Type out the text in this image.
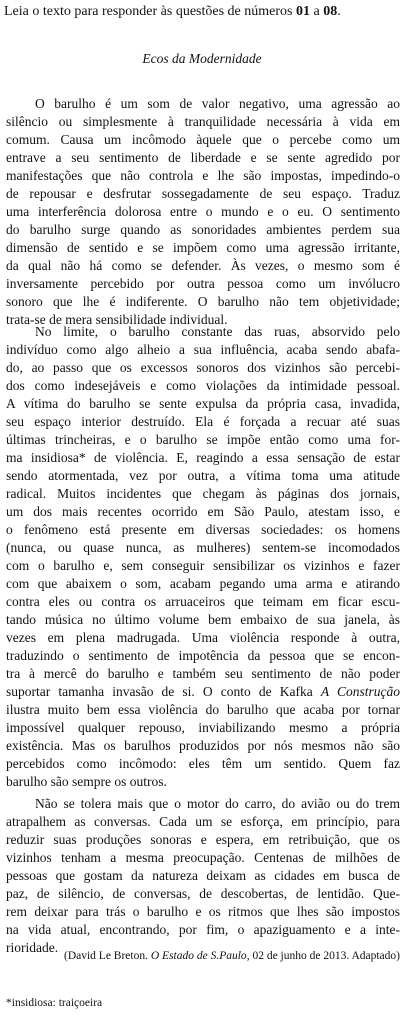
Leia o texto para responder às questões de números 01 a 08.
Ecos da Modernidade
O barulho é um som de valor negativo, uma agressão ao
silêncio ou simplesmente à tranquilidade necessária à vida em
comum. Causa um incômodo àquele que o percebe como um
entrave a seu sentimento de liberdade e se sente agredido por
manifestações que não controla e lhe são impostas, impedindo-o
de repousar e desfrutar sossegadamente de seu espaço. Traduz
uma interferência dolorosa entre o mundo e o eu. O sentimento
do barulho surge quando as sonoridades ambientes perdem sua
dimensão de sentido e se impõem como uma agressão irritante,
da qual não há como se defender. Às vezes, o mesmo som é
inversamente percebido por outra pessoa como um invólucro
sonoro que lhe é indiferente. O barulho não tem objetividade;
trata-se de mera sensibilidade individual.
No limite, o barulho constante das ruas, absorvido pelo
indivíduo como algo alheio a sua influência, acaba sendo abafa-
do, ao passo que os excessos sonoros dos vizinhos são percebi-
dos como indesejáveis e como violações da intimidade pessoal.
A vítima do barulho se sente expulsa da própria casa, invadida,
seu espaço interior destruído. Ela é forçada a recuar até suas
últimas trincheiras, e o barulho se impõe então como uma for-
ma insidiosa* de violência. E, reagindo a essa sensação de estar
sendo atormentada, vez por outra, a vítima toma uma atitude
radical. Muitos incidentes que chegam às páginas dos jornais,
um dos mais recentes ocorrido em São Paulo, atestam isso, e
o fenômeno está presente em diversas sociedades: os homens
(nunca, ou quase nunca, as mulheres) sentem-se incomodados
com o barulho e, sem conseguir sensibilizar os vizinhos e fazer
com que abaixem o som, acabam pegando uma arma e atirando
contra eles ou contra os arruaceiros que teimam em ficar escu-
tando música no último volume bem embaixo de sua janela, às
vezes em plena madrugada. Uma violência responde à outra,
traduzindo o sentimento de impotência da pessoa que se encon-
tra à mercê do barulho e também seu sentimento de não poder
suportar tamanha invasão de si. O conto de Kafka A Construção
ilustra muito bem essa violência do barulho que acaba por tornar
impossível qualquer repouso, inviabilizando mesmo a própria
existência. Mas os barulhos produzidos por nós mesmos não são
percebidos como incômodo: eles têm um sentido. Quem faz
barulho são sempre os outros.
Não se tolera mais que o motor do carro, do avião ou do trem
atrapalhem as conversas. Cada um se esforça, em princípio, para
reduzir suas produções sonoras e espera, em retribuição, que os
vizinhos tenham a mesma preocupação. Centenas de milhões de
pessoas que gostam da natureza deixam as cidades em busca de
paz, de silêncio, de conversas, de descobertas, de lentidão. Que-
rem deixar para trás o barulho e os ritmos que lhes são impostos
na vida atual, encontrando, por fim, o apaziguamento e a inte-
rioridade.
(David Le Breton. O Estado de S.Paulo, 02 de junho de 2013. Adaptado)
*insidiosa: traiçoeira
